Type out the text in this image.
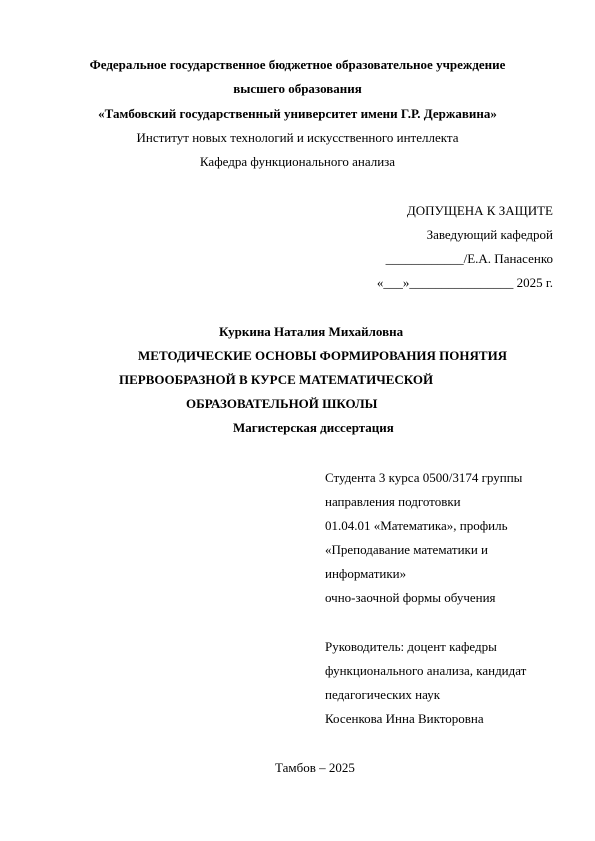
Федеральное государственное бюджетное образовательное учреждение
высшего образования
«Тамбовский государственный университет имени Г.Р. Державина»
Институт новых технологий и искусственного интеллекта
Кафедра функционального анализа
ДОПУЩЕНА К ЗАЩИТЕ
Заведующий кафедрой
____________/Е.А. Панасенко
«___»________________ 2025 г.
Куркина Наталия Михайловна
МЕТОДИЧЕСКИЕ ОСНОВЫ ФОРМИРОВАНИЯ ПОНЯТИЯ
ПЕРВООБРАЗНОЙ В КУРСЕ МАТЕМАТИЧЕСКОЙ
ОБРАЗОВАТЕЛЬНОЙ ШКОЛЫ
Магистерская диссертация
Студента 3 курса 0500/3174 группы
направления подготовки
01.04.01 «Математика», профиль
«Преподавание математики и
информатики»
очно-заочной формы обучения
Руководитель: доцент кафедры
функционального анализа, кандидат
педагогических наук
Косенкова Инна Викторовна
Тамбов – 2025
